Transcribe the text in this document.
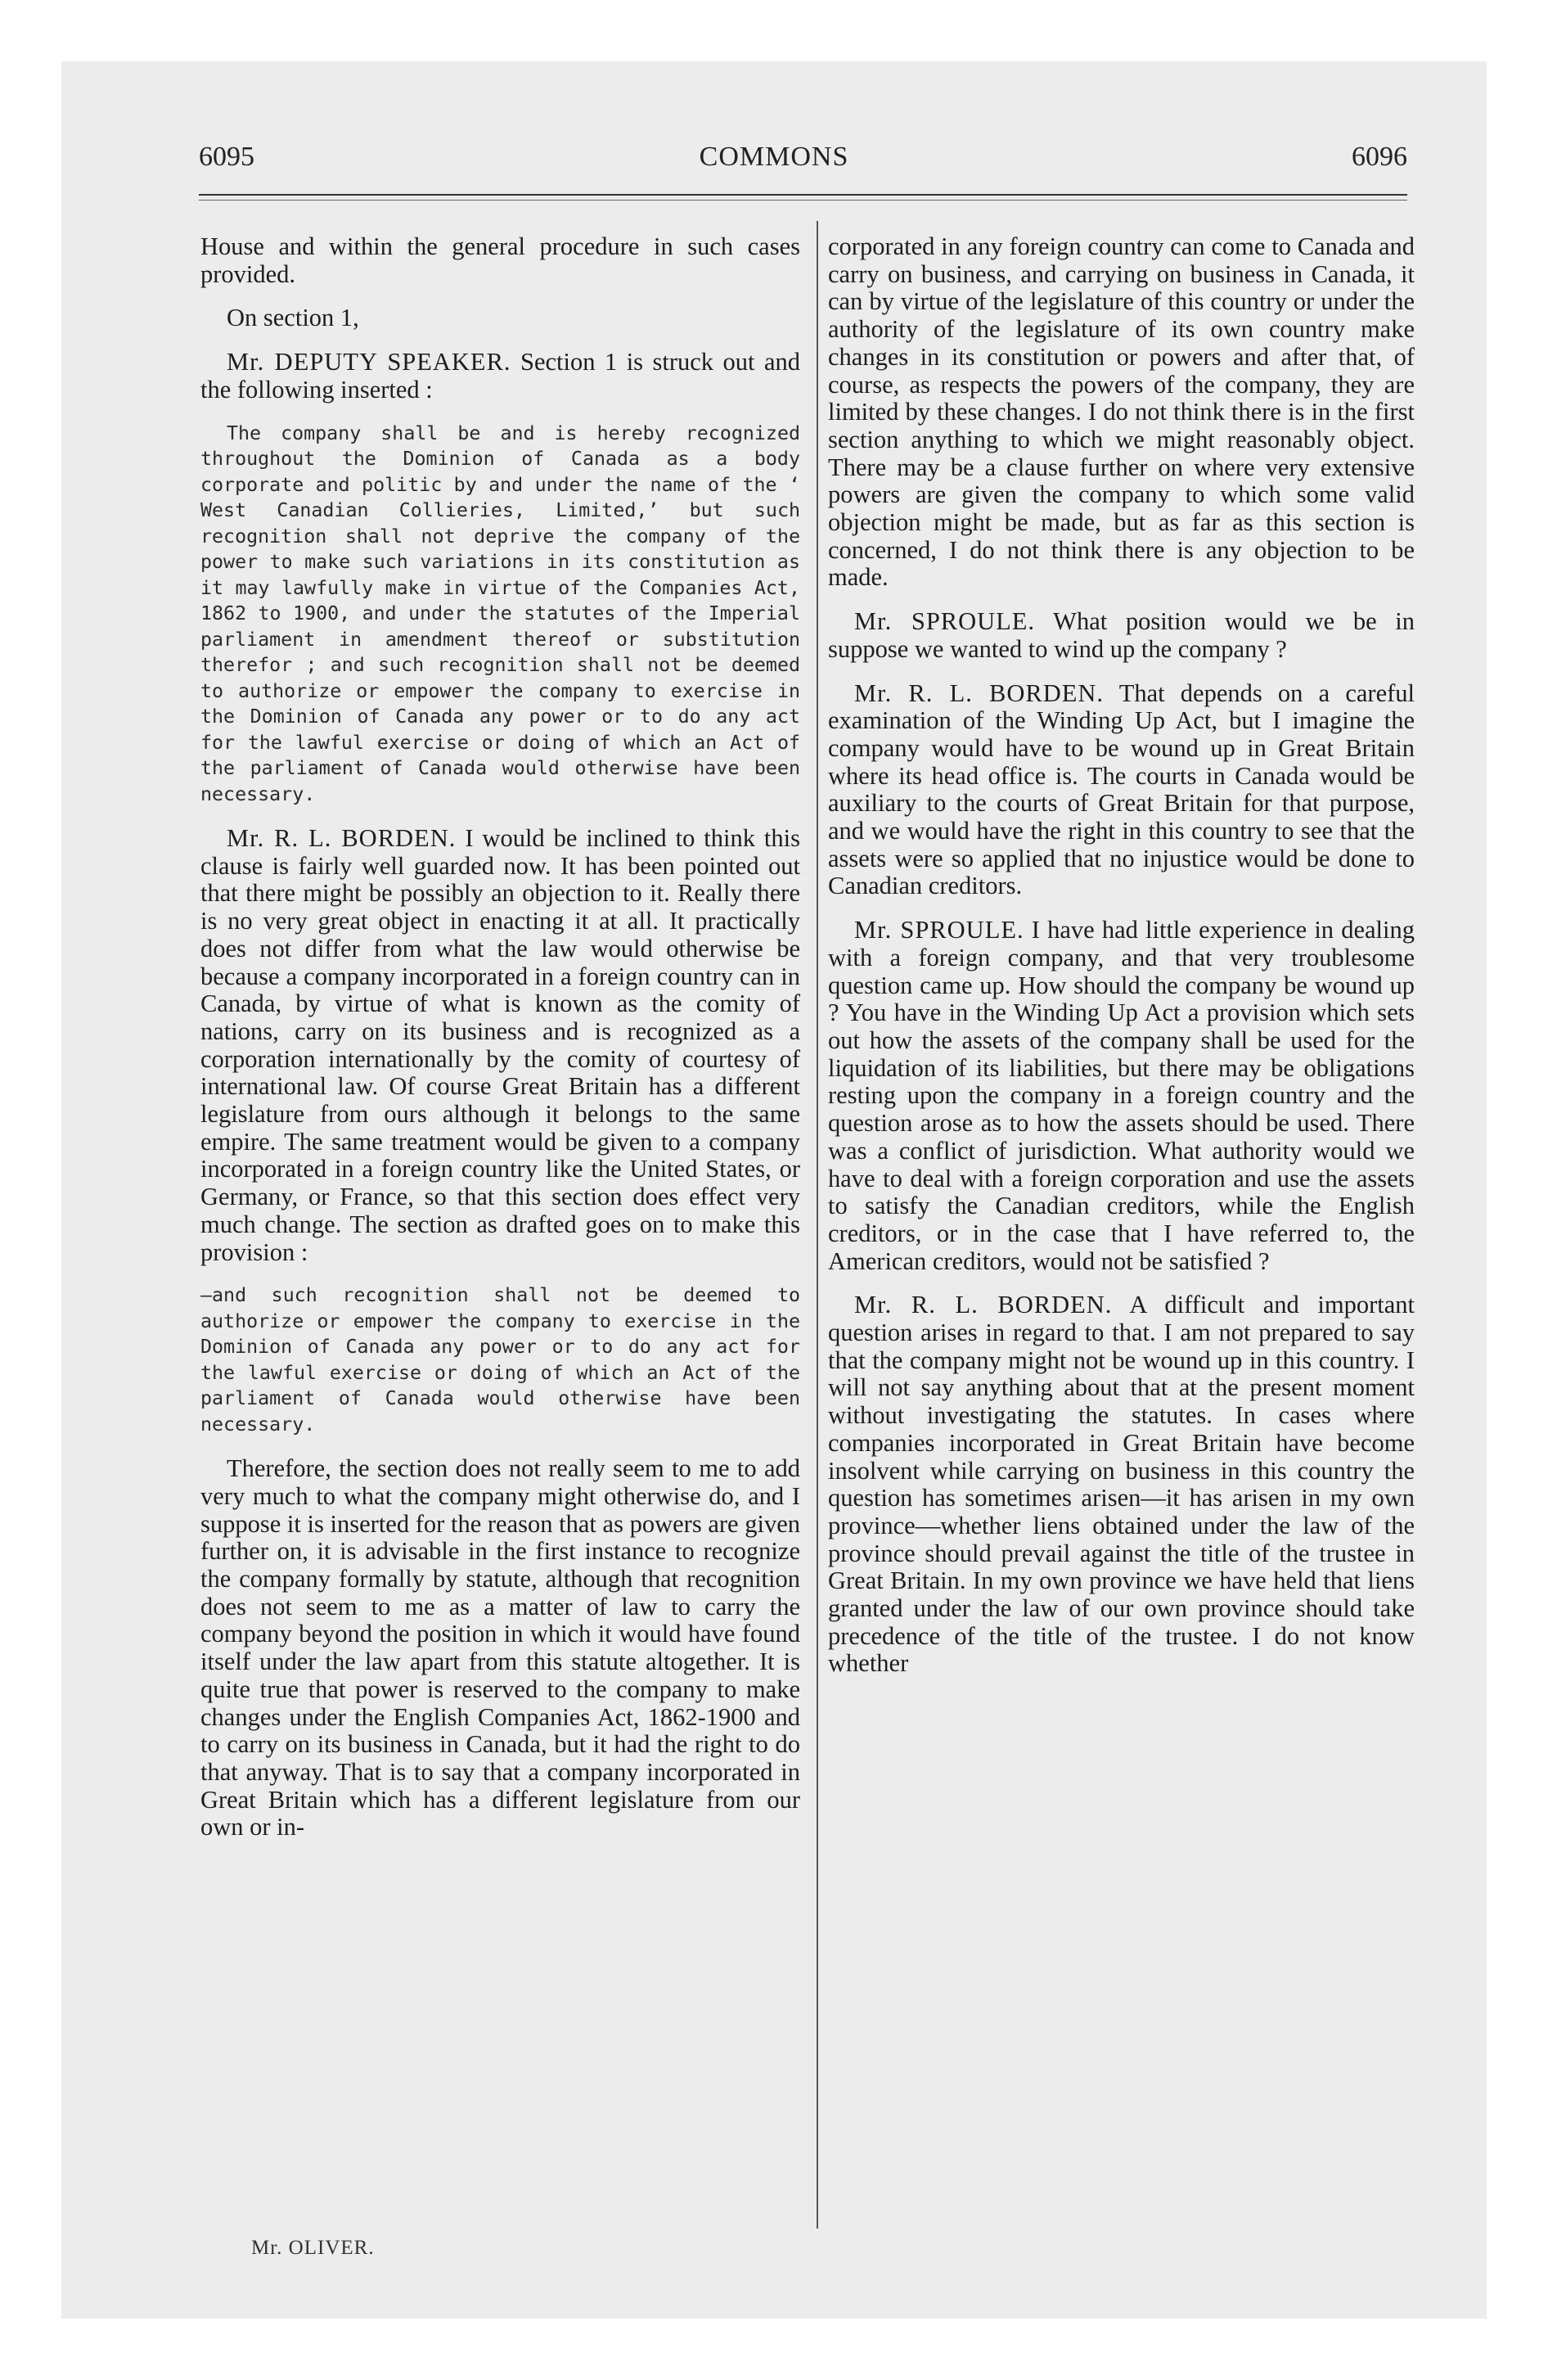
6095	COMMONS	6096

House and within the general procedure in such cases provided.

On section 1,

Mr. DEPUTY SPEAKER. Section 1 is struck out and the following inserted :

The company shall be and is hereby recognized throughout the Dominion of Canada as a body corporate and politic by and under the name of the ‘ West Canadian Collieries, Limited,’ but such recognition shall not deprive the company of the power to make such variations in its constitution as it may lawfully make in virtue of the Companies Act, 1862 to 1900, and under the statutes of the Imperial parliament in amendment thereof or substitution therefor ; and such recognition shall not be deemed to authorize or empower the company to exercise in the Dominion of Canada any power or to do any act for the lawful exercise or doing of which an Act of the parliament of Canada would otherwise have been necessary.

Mr. R. L. BORDEN. I would be inclined to think this clause is fairly well guarded now. It has been pointed out that there might be possibly an objection to it. Really there is no very great object in enacting it at all. It practically does not differ from what the law would otherwise be because a company incorporated in a foreign country can in Canada, by virtue of what is known as the comity of nations, carry on its business and is recognized as a corporation internationally by the comity of courtesy of international law. Of course Great Britain has a different legislature from ours although it belongs to the same empire. The same treatment would be given to a company incorporated in a foreign country like the United States, or Germany, or France, so that this section does effect very much change. The section as drafted goes on to make this provision :

—and such recognition shall not be deemed to authorize or empower the company to exercise in the Dominion of Canada any power or to do any act for the lawful exercise or doing of which an Act of the parliament of Canada would otherwise have been necessary.

Therefore, the section does not really seem to me to add very much to what the company might otherwise do, and I suppose it is inserted for the reason that as powers are given further on, it is advisable in the first instance to recognize the company formally by statute, although that recognition does not seem to me as a matter of law to carry the company beyond the position in which it would have found itself under the law apart from this statute altogether. It is quite true that power is reserved to the company to make changes under the English Companies Act, 1862-1900 and to carry on its business in Canada, but it had the right to do that anyway. That is to say that a company incorporated in Great Britain which has a different legislature from our own or in-

corporated in any foreign country can come to Canada and carry on business, and carrying on business in Canada, it can by virtue of the legislature of this country or under the authority of the legislature of its own country make changes in its constitution or powers and after that, of course, as respects the powers of the company, they are limited by these changes. I do not think there is in the first section anything to which we might reasonably object. There may be a clause further on where very extensive powers are given the company to which some valid objection might be made, but as far as this section is concerned, I do not think there is any objection to be made.

Mr. SPROULE. What position would we be in suppose we wanted to wind up the company ?

Mr. R. L. BORDEN. That depends on a careful examination of the Winding Up Act, but I imagine the company would have to be wound up in Great Britain where its head office is. The courts in Canada would be auxiliary to the courts of Great Britain for that purpose, and we would have the right in this country to see that the assets were so applied that no injustice would be done to Canadian creditors.

Mr. SPROULE. I have had little experience in dealing with a foreign company, and that very troublesome question came up. How should the company be wound up ? You have in the Winding Up Act a provision which sets out how the assets of the company shall be used for the liquidation of its liabilities, but there may be obligations resting upon the company in a foreign country and the question arose as to how the assets should be used. There was a conflict of jurisdiction. What authority would we have to deal with a foreign corporation and use the assets to satisfy the Canadian creditors, while the English creditors, or in the case that I have referred to, the American creditors, would not be satisfied ?

Mr. R. L. BORDEN. A difficult and important question arises in regard to that. I am not prepared to say that the company might not be wound up in this country. I will not say anything about that at the present moment without investigating the statutes. In cases where companies incorporated in Great Britain have become insolvent while carrying on business in this country the question has sometimes arisen—it has arisen in my own province—whether liens obtained under the law of the province should prevail against the title of the trustee in Great Britain. In my own province we have held that liens granted under the law of our own province should take precedence of the title of the trustee. I do not know whether

Mr. OLIVER.
